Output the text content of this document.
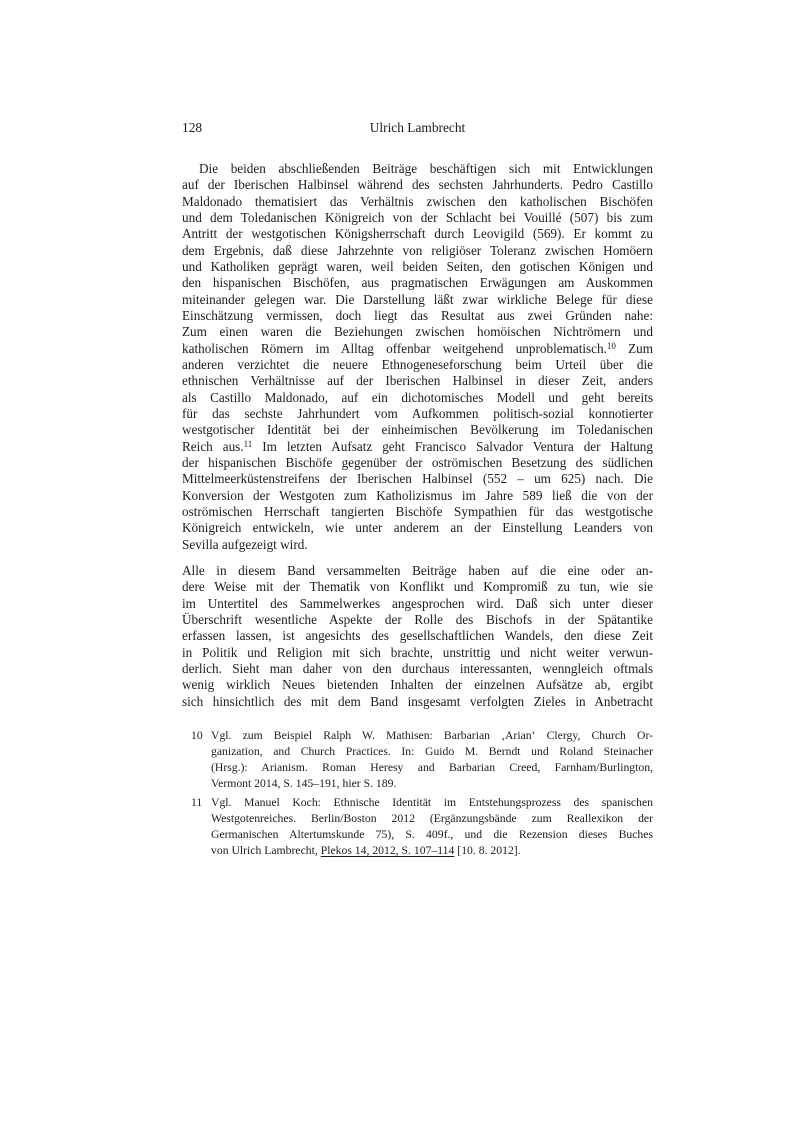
128	Ulrich Lambrecht
Die beiden abschließenden Beiträge beschäftigen sich mit Entwicklungen
auf der Iberischen Halbinsel während des sechsten Jahrhunderts. Pedro Castillo
Maldonado thematisiert das Verhältnis zwischen den katholischen Bischöfen
und dem Toledanischen Königreich von der Schlacht bei Vouillé (507) bis zum
Antritt der westgotischen Königsherrschaft durch Leovigild (569). Er kommt zu
dem Ergebnis, daß diese Jahrzehnte von religiöser Toleranz zwischen Homöern
und Katholiken geprägt waren, weil beiden Seiten, den gotischen Königen und
den hispanischen Bischöfen, aus pragmatischen Erwägungen am Auskommen
miteinander gelegen war. Die Darstellung läßt zwar wirkliche Belege für diese
Einschätzung vermissen, doch liegt das Resultat aus zwei Gründen nahe:
Zum einen waren die Beziehungen zwischen homöischen Nichtrömern und
katholischen Römern im Alltag offenbar weitgehend unproblematisch.$^{10}$ Zum
anderen verzichtet die neuere Ethnogeneseforschung beim Urteil über die
ethnischen Verhältnisse auf der Iberischen Halbinsel in dieser Zeit, anders
als Castillo Maldonado, auf ein dichotomisches Modell und geht bereits
für das sechste Jahrhundert vom Aufkommen politisch-sozial konnotierter
westgotischer Identität bei der einheimischen Bevölkerung im Toledanischen
Reich aus.$^{11}$ Im letzten Aufsatz geht Francisco Salvador Ventura der Haltung
der hispanischen Bischöfe gegenüber der oströmischen Besetzung des südlichen
Mittelmeerküstenstreifens der Iberischen Halbinsel (552 – um 625) nach. Die
Konversion der Westgoten zum Katholizismus im Jahre 589 ließ die von der
oströmischen Herrschaft tangierten Bischöfe Sympathien für das westgotische
Königreich entwickeln, wie unter anderem an der Einstellung Leanders von
Sevilla aufgezeigt wird.
Alle in diesem Band versammelten Beiträge haben auf die eine oder an-
dere Weise mit der Thematik von Konflikt und Kompromiß zu tun, wie sie
im Untertitel des Sammelwerkes angesprochen wird. Daß sich unter dieser
Überschrift wesentliche Aspekte der Rolle des Bischofs in der Spätantike
erfassen lassen, ist angesichts des gesellschaftlichen Wandels, den diese Zeit
in Politik und Religion mit sich brachte, unstrittig und nicht weiter verwun-
derlich. Sieht man daher von den durchaus interessanten, wenngleich oftmals
wenig wirklich Neues bietenden Inhalten der einzelnen Aufsätze ab, ergibt
sich hinsichtlich des mit dem Band insgesamt verfolgten Zieles in Anbetracht
10 Vgl. zum Beispiel Ralph W. Mathisen: Barbarian ‚Arian‘ Clergy, Church Or-
ganization, and Church Practices. In: Guido M. Berndt und Roland Steinacher
(Hrsg.): Arianism. Roman Heresy and Barbarian Creed, Farnham/Burlington,
Vermont 2014, S. 145–191, hier S. 189.
11 Vgl. Manuel Koch: Ethnische Identität im Entstehungsprozess des spanischen
Westgotenreiches. Berlin/Boston 2012 (Ergänzungsbände zum Reallexikon der
Germanischen Altertumskunde 75), S. 409f., und die Rezension dieses Buches
von Ulrich Lambrecht, Plekos 14, 2012, S. 107–114 [10. 8. 2012].
